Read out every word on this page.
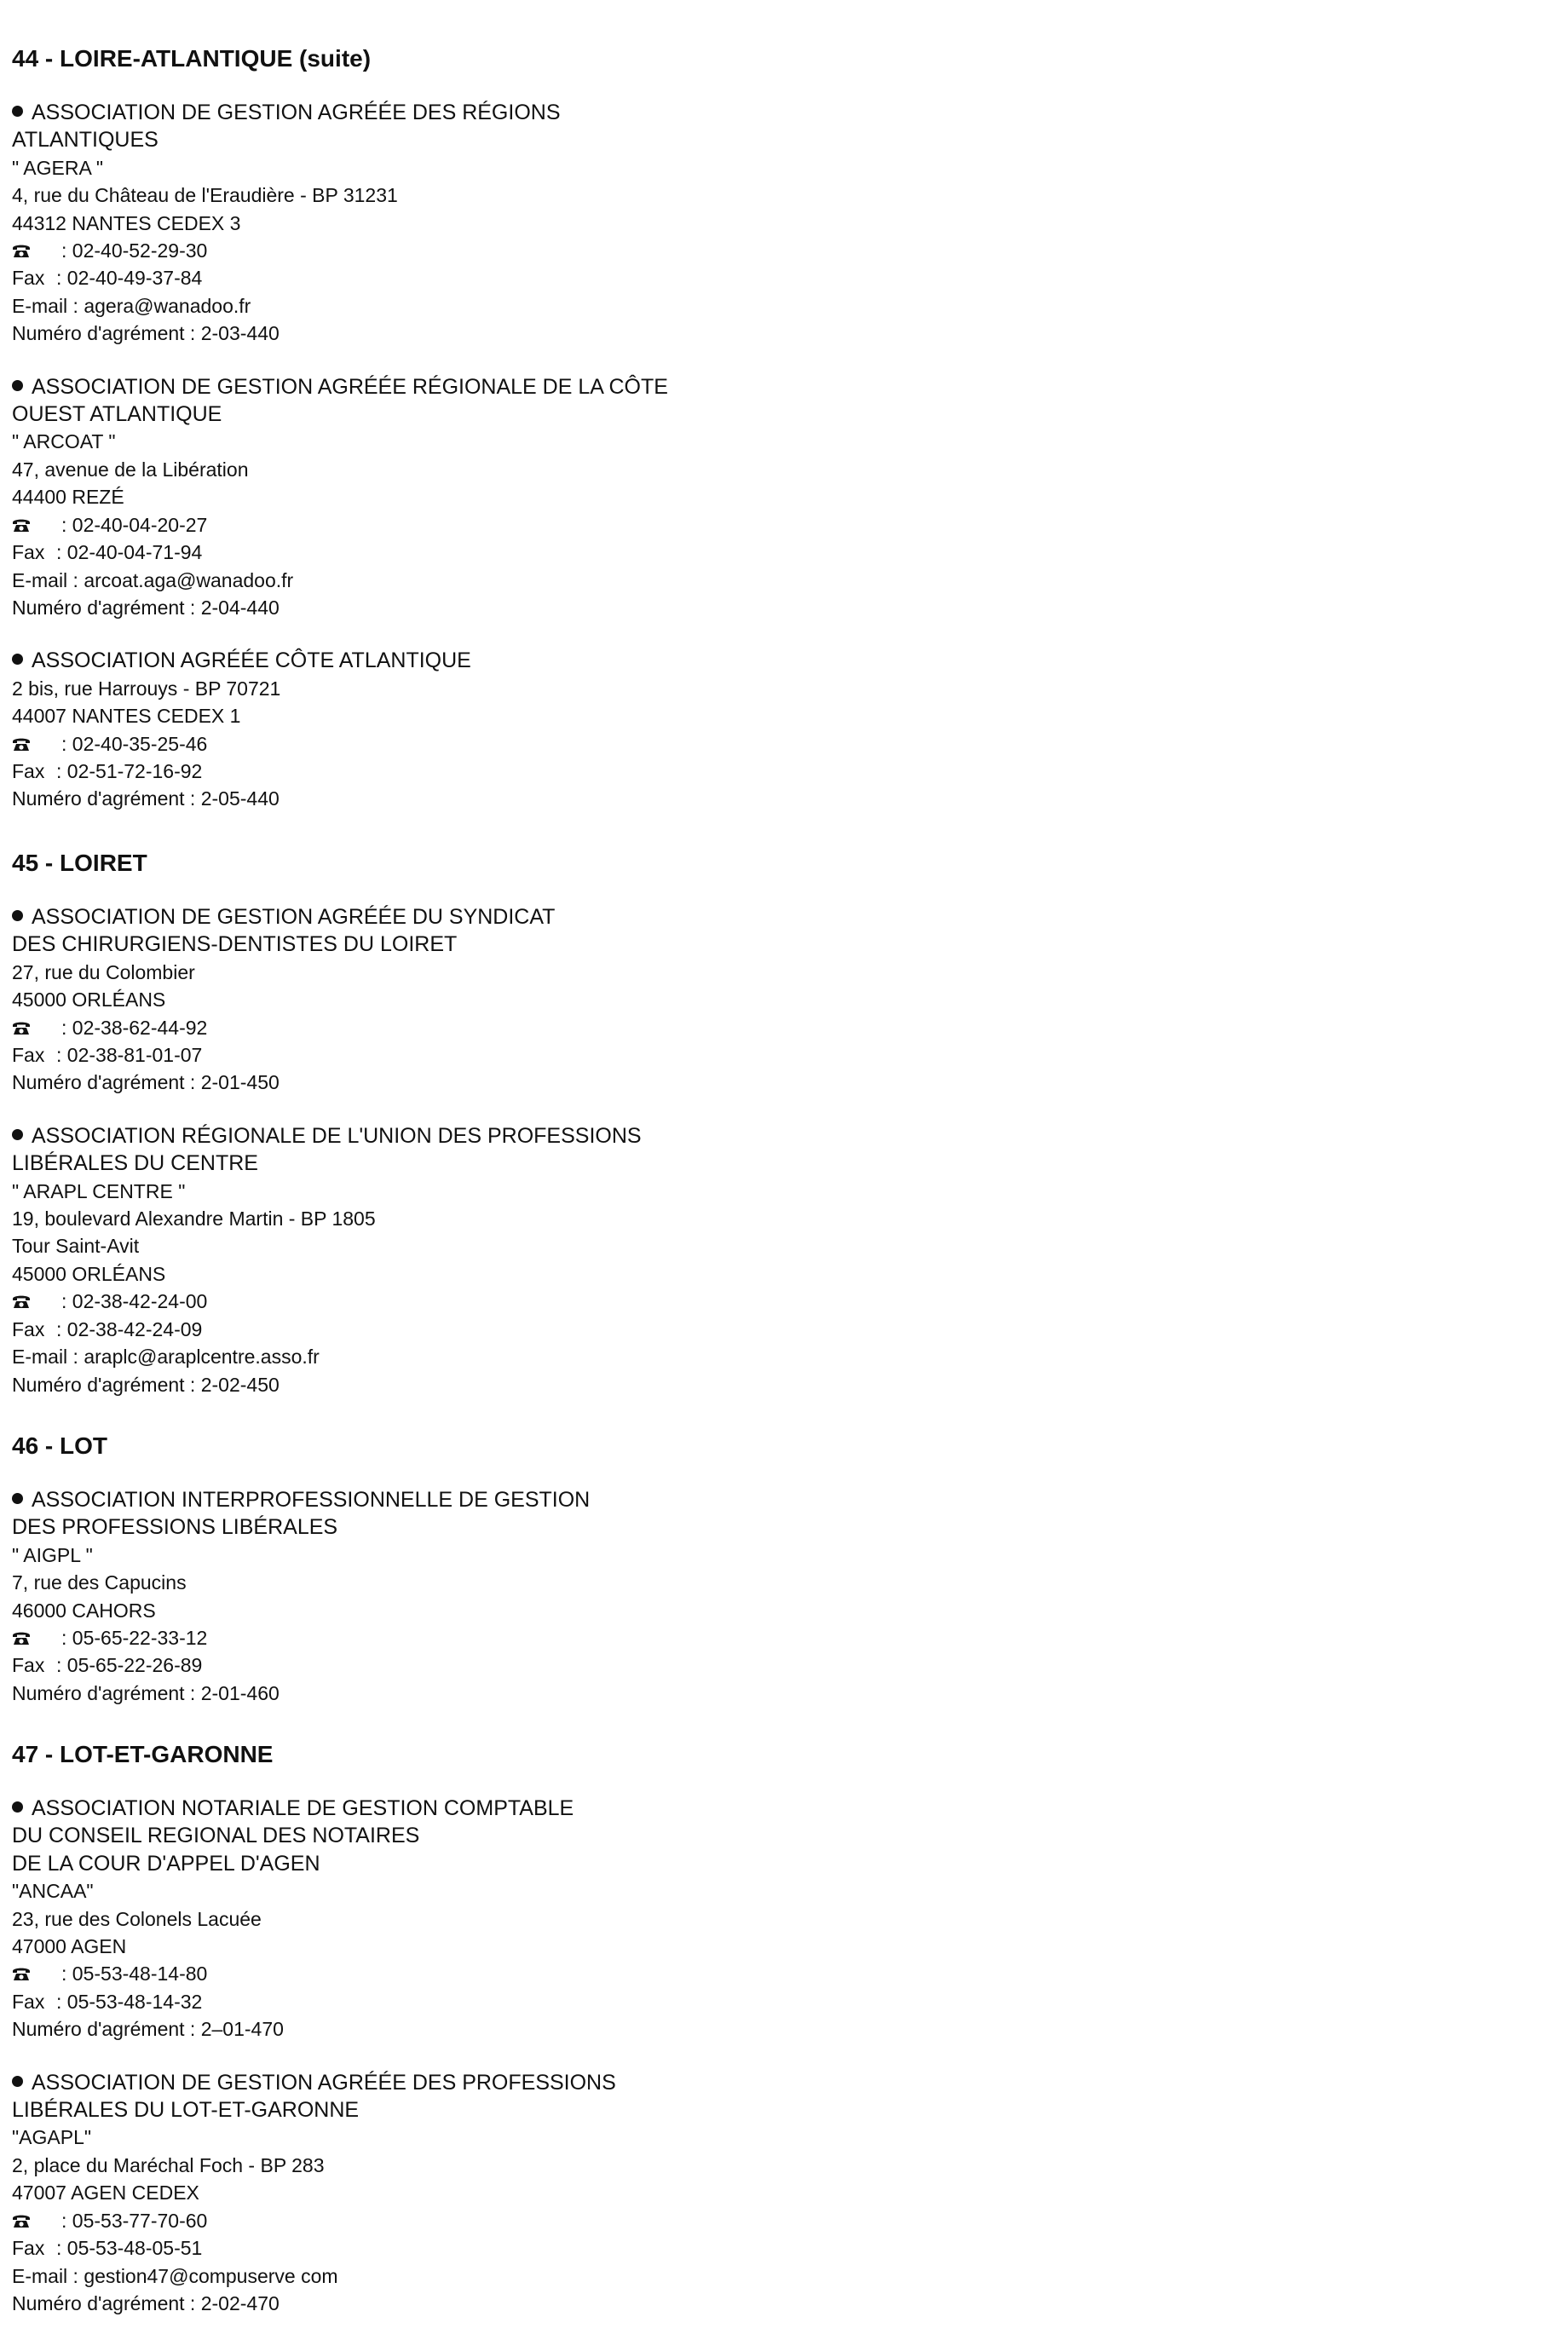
44 - LOIRE-ATLANTIQUE (suite)
ASSOCIATION DE GESTION AGRÉÉE DES RÉGIONS
ATLANTIQUES
" AGERA "
4, rue du Château de l'Eraudière - BP 31231
44312 NANTES CEDEX 3
: 02-40-52-29-30
Fax : 02-40-49-37-84
E-mail : agera@wanadoo.fr
Numéro d'agrément : 2-03-440
ASSOCIATION DE GESTION AGRÉÉE RÉGIONALE DE LA CÔTE
OUEST ATLANTIQUE
" ARCOAT "
47, avenue de la Libération
44400 REZÉ
: 02-40-04-20-27
Fax : 02-40-04-71-94
E-mail : arcoat.aga@wanadoo.fr
Numéro d'agrément : 2-04-440
ASSOCIATION AGRÉÉE CÔTE ATLANTIQUE
2 bis, rue Harrouys - BP 70721
44007 NANTES CEDEX 1
: 02-40-35-25-46
Fax : 02-51-72-16-92
Numéro d'agrément : 2-05-440
45 - LOIRET
ASSOCIATION DE GESTION AGRÉÉE DU SYNDICAT
DES CHIRURGIENS-DENTISTES DU LOIRET
27, rue du Colombier
45000 ORLÉANS
: 02-38-62-44-92
Fax : 02-38-81-01-07
Numéro d'agrément : 2-01-450
ASSOCIATION RÉGIONALE DE L'UNION DES PROFESSIONS
LIBÉRALES DU CENTRE
" ARAPL CENTRE "
19, boulevard Alexandre Martin - BP 1805
Tour Saint-Avit
45000 ORLÉANS
: 02-38-42-24-00
Fax : 02-38-42-24-09
E-mail : araplc@araplcentre.asso.fr
Numéro d'agrément : 2-02-450
46 - LOT
ASSOCIATION INTERPROFESSIONNELLE DE GESTION
DES PROFESSIONS LIBÉRALES
" AIGPL "
7, rue des Capucins
46000 CAHORS
: 05-65-22-33-12
Fax : 05-65-22-26-89
Numéro d'agrément : 2-01-460
47 - LOT-ET-GARONNE
ASSOCIATION NOTARIALE DE GESTION COMPTABLE
DU CONSEIL REGIONAL DES NOTAIRES
DE LA COUR D'APPEL D'AGEN
"ANCAA"
23, rue des Colonels Lacuée
47000 AGEN
: 05-53-48-14-80
Fax : 05-53-48-14-32
Numéro d'agrément : 2–01-470
ASSOCIATION DE GESTION AGRÉÉE DES PROFESSIONS
LIBÉRALES DU LOT-ET-GARONNE
"AGAPL"
2, place du Maréchal Foch - BP 283
47007 AGEN CEDEX
: 05-53-77-70-60
Fax : 05-53-48-05-51
E-mail : gestion47@compuserve com
Numéro d'agrément : 2-02-470
